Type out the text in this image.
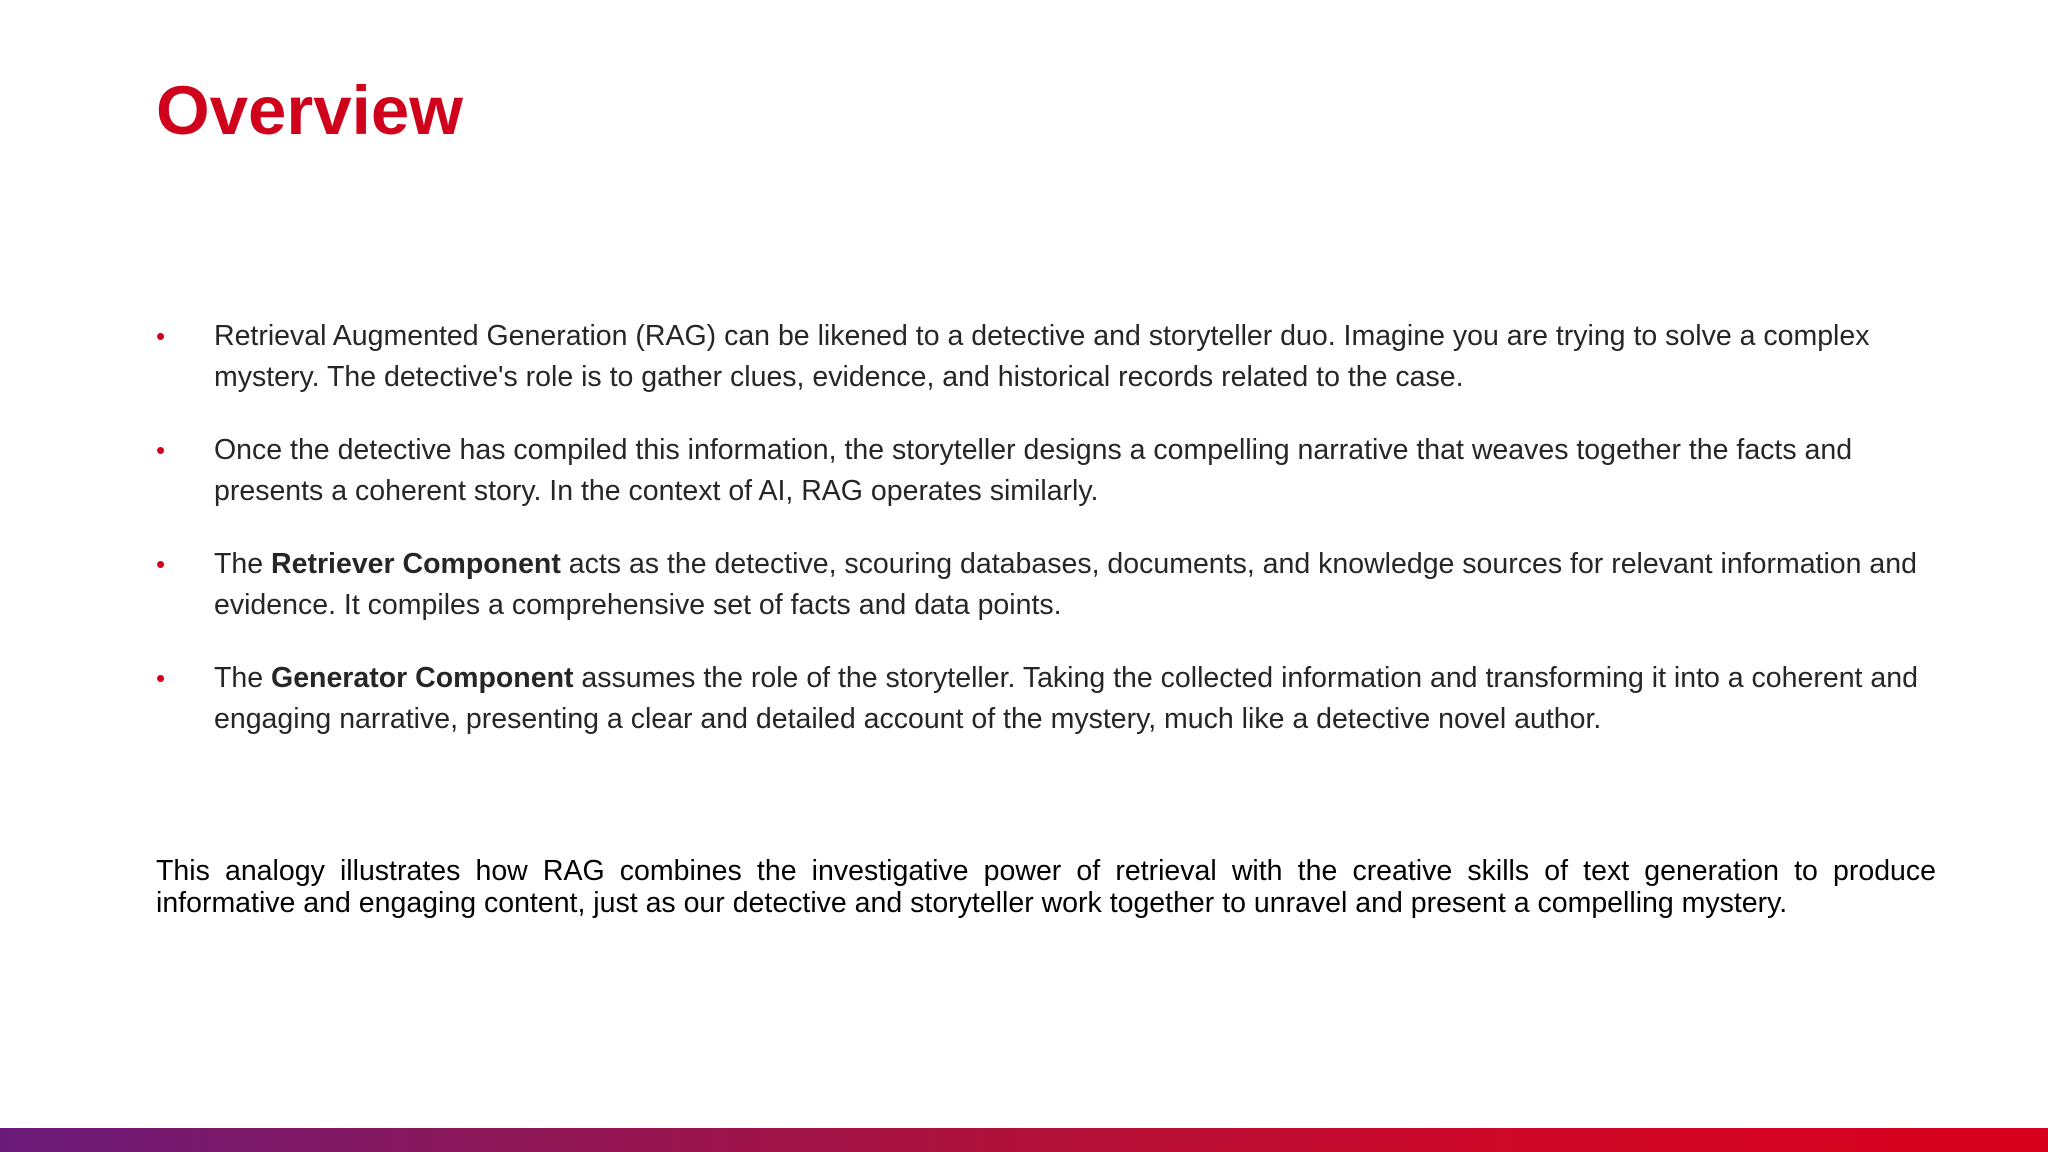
Overview
•	Retrieval Augmented Generation (RAG) can be likened to a detective and storyteller duo. Imagine you are trying to solve a complex mystery. The detective's role is to gather clues, evidence, and historical records related to the case.
•	Once the detective has compiled this information, the storyteller designs a compelling narrative that weaves together the facts and presents a coherent story. In the context of AI, RAG operates similarly.
•	The Retriever Component acts as the detective, scouring databases, documents, and knowledge sources for relevant information and evidence. It compiles a comprehensive set of facts and data points.
•	The Generator Component assumes the role of the storyteller. Taking the collected information and transforming it into a coherent and engaging narrative, presenting a clear and detailed account of the mystery, much like a detective novel author.

This analogy illustrates how RAG combines the investigative power of retrieval with the creative skills of text generation to produce informative and engaging content, just as our detective and storyteller work together to unravel and present a compelling mystery.
